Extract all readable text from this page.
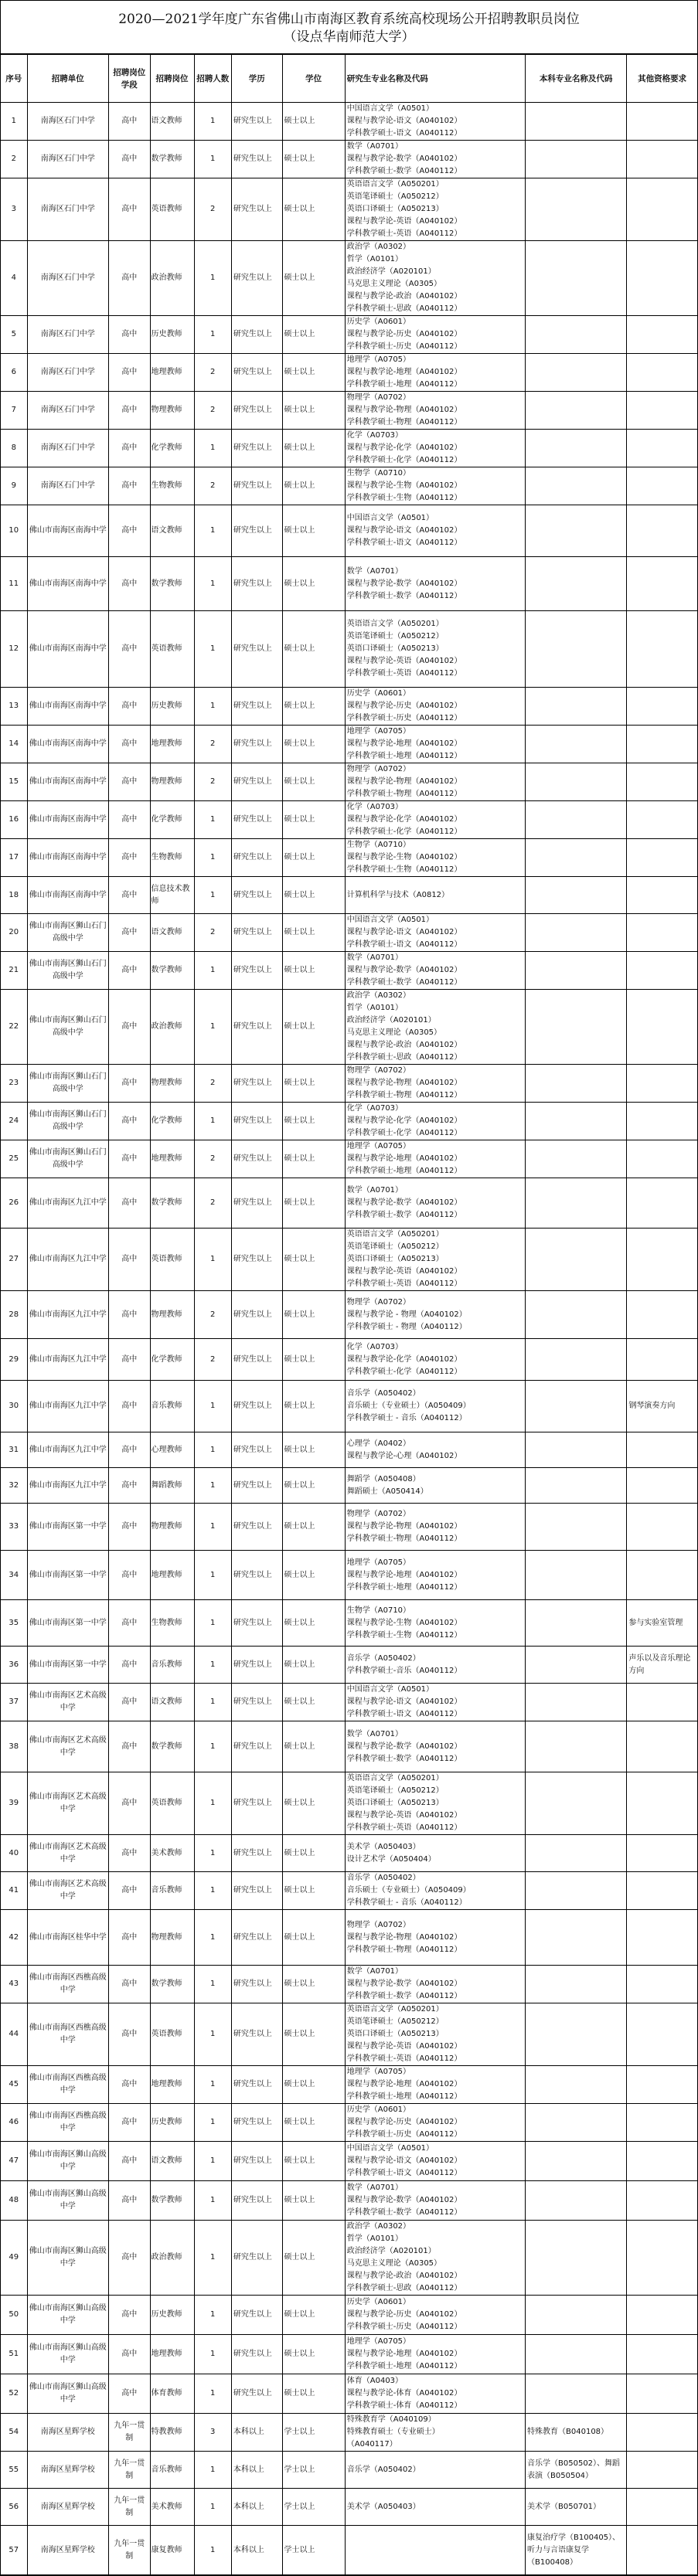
2020—2021学年度广东省佛山市南海区教育系统高校现场公开招聘教职员岗位
（设点华南师范大学）
序号	招聘单位	招聘岗位学段	招聘岗位	招聘人数	学历	学位	研究生专业名称及代码	本科专业名称及代码	其他资格要求
1	南海区石门中学	高中	语文教师	1	研究生以上	硕士以上	中国语言文学（A0501）
课程与教学论-语文（A040102）
学科教学硕士-语文（A040112）		

2	南海区石门中学	高中	数学教师	1	研究生以上	硕士以上	数学（A0701）
课程与教学论-数学（A040102）
学科教学硕士-数学（A040112）		

3	南海区石门中学	高中	英语教师	2	研究生以上	硕士以上	英语语言文学（A050201）
英语笔译硕士（A050212）
英语口译硕士（A050213）
课程与教学论-英语（A040102）
学科教学硕士-英语（A040112）		

4	南海区石门中学	高中	政治教师	1	研究生以上	硕士以上	
政治学（A0302）
哲学（A0101）
政治经济学（A020101）
马克思主义理论（A0305）
课程与教学论-政治（A040102）
学科教学硕士-思政（A040112）

5	南海区石门中学	高中	历史教师	1	研究生以上	硕士以上	历史学（A0601）
课程与教学论-历史（A040102）
学科教学硕士-历史（A040112）		

6	南海区石门中学	高中	地理教师	2	研究生以上	硕士以上	地理学（A0705）
课程与教学论-地理（A040102）
学科教学硕士-地理（A040112）		

7	南海区石门中学	高中	物理教师	2	研究生以上	硕士以上	物理学（A0702）
课程与教学论-物理（A040102）
学科教学硕士-物理（A040112）		

8	南海区石门中学	高中	化学教师	1	研究生以上	硕士以上	化学（A0703）
课程与教学论-化学（A040102）
学科教学硕士-化学（A040112）		

9	南海区石门中学	高中	生物教师	2	研究生以上	硕士以上	生物学（A0710）
课程与教学论-生物（A040102）
学科教学硕士-生物（A040112）		

10	佛山市南海区南海中学	高中	语文教师	1	研究生以上	硕士以上	中国语言文学（A0501）
课程与教学论-语文（A040102）
学科教学硕士-语文（A040112）		

11	佛山市南海区南海中学	高中	数学教师	1	研究生以上	硕士以上	数学（A0701）
课程与教学论-数学（A040102）
学科教学硕士-数学（A040112）		

12	佛山市南海区南海中学	高中	英语教师	1	研究生以上	硕士以上	英语语言文学（A050201）
英语笔译硕士（A050212）
英语口译硕士（A050213）
课程与教学论-英语（A040102）
学科教学硕士-英语（A040112）		

13	佛山市南海区南海中学	高中	历史教师	1	研究生以上	硕士以上	历史学（A0601）
课程与教学论-历史（A040102）
学科教学硕士-历史（A040112）		

14	佛山市南海区南海中学	高中	地理教师	2	研究生以上	硕士以上	地理学（A0705）
课程与教学论-地理（A040102）
学科教学硕士-地理（A040112）		

15	佛山市南海区南海中学	高中	物理教师	2	研究生以上	硕士以上	物理学（A0702）
课程与教学论-物理（A040102）
学科教学硕士-物理（A040112）		

16	佛山市南海区南海中学	高中	化学教师	1	研究生以上	硕士以上	化学（A0703）
课程与教学论-化学（A040102）
学科教学硕士-化学（A040112）		

17	佛山市南海区南海中学	高中	生物教师	1	研究生以上	硕士以上	生物学（A0710）
课程与教学论-生物（A040102）
学科教学硕士-生物（A040112）		

18	佛山市南海区南海中学	高中	信息技术教师	1	研究生以上	硕士以上	计算机科学与技术（A0812）		

20	佛山市南海区狮山石门高级中学	高中	语文教师	2	研究生以上	硕士以上	中国语言文学（A0501）
课程与教学论-语文（A040102）
学科教学硕士-语文（A040112）		

21	佛山市南海区狮山石门高级中学	高中	数学教师	1	研究生以上	硕士以上	数学（A0701）
课程与教学论-数学（A040102）
学科教学硕士-数学（A040112）		

22	佛山市南海区狮山石门高级中学	高中	政治教师	1	研究生以上	硕士以上	
政治学（A0302）
哲学（A0101）
政治经济学（A020101）
马克思主义理论（A0305）
课程与教学论-政治（A040102）
学科教学硕士-思政（A040112）

23	佛山市南海区狮山石门高级中学	高中	物理教师	2	研究生以上	硕士以上	物理学（A0702）
课程与教学论-物理（A040102）
学科教学硕士-物理（A040112）		

24	佛山市南海区狮山石门高级中学	高中	化学教师	1	研究生以上	硕士以上	化学（A0703）
课程与教学论-化学（A040102）
学科教学硕士-化学（A040112）		

25	佛山市南海区狮山石门高级中学	高中	地理教师	2	研究生以上	硕士以上	地理学（A0705）
课程与教学论-地理（A040102）
学科教学硕士-地理（A040112）		

26	佛山市南海区九江中学	高中	数学教师	2	研究生以上	硕士以上	数学（A0701）
课程与教学论-数学（A040102）
学科教学硕士-数学（A040112）		

27	佛山市南海区九江中学	高中	英语教师	1	研究生以上	硕士以上	英语语言文学（A050201）
英语笔译硕士（A050212）
英语口译硕士（A050213）
课程与教学论-英语（A040102）
学科教学硕士-英语（A040112）		

28	佛山市南海区九江中学	高中	物理教师	2	研究生以上	硕士以上	物理学（A0702）
课程与教学论 - 物理（A040102）
学科教学硕士 - 物理（A040112）		

29	佛山市南海区九江中学	高中	化学教师	2	研究生以上	硕士以上	化学（A0703）
课程与教学论-化学（A040102）
学科教学硕士-化学（A040112）		

30	佛山市南海区九江中学	高中	音乐教师	1	研究生以上	硕士以上	音乐学（A050402）
音乐硕士（专业硕士）（A050409）
学科教学硕士 - 音乐（A040112）		钢琴演奏方向
31	佛山市南海区九江中学	高中	心理教师	1	研究生以上	硕士以上	心理学（A0402）
课程与教学论-心理（A040102）		

32	佛山市南海区九江中学	高中	舞蹈教师	1	研究生以上	硕士以上	舞蹈学（A050408）
舞蹈硕士（A050414）		

33	佛山市南海区第一中学	高中	物理教师	1	研究生以上	硕士以上	物理学（A0702）
课程与教学论-物理（A040102）
学科教学硕士-物理（A040112）		

34	佛山市南海区第一中学	高中	地理教师	1	研究生以上	硕士以上	地理学（A0705）
课程与教学论-地理（A040102）
学科教学硕士-地理（A040112）		

35	佛山市南海区第一中学	高中	生物教师	1	研究生以上	硕士以上	生物学（A0710）
课程与教学论-生物（A040102）
学科教学硕士-生物（A040112）		参与实验室管理
36	佛山市南海区第一中学	高中	音乐教师	1	研究生以上	硕士以上	音乐学（A050402）
学科教学硕士-音乐（A040112）		声乐以及音乐理论方向
37	佛山市南海区艺术高级中学	高中	语文教师	1	研究生以上	硕士以上	中国语言文学（A0501）
课程与教学论-语文（A040102）
学科教学硕士-语文（A040112）		

38	佛山市南海区艺术高级中学	高中	数学教师	1	研究生以上	硕士以上	数学（A0701）
课程与教学论-数学（A040102）
学科教学硕士-数学（A040112）		

39	佛山市南海区艺术高级中学	高中	英语教师	1	研究生以上	硕士以上	英语语言文学（A050201）
英语笔译硕士（A050212）
英语口译硕士（A050213）
课程与教学论-英语（A040102）
学科教学硕士-英语（A040112）		

40	佛山市南海区艺术高级中学	高中	美术教师	1	研究生以上	硕士以上	美术学（A050403）
设计艺术学（A050404）		

41	佛山市南海区艺术高级中学	高中	音乐教师	1	研究生以上	硕士以上	音乐学（A050402）
音乐硕士（专业硕士）（A050409）
学科教学硕士 - 音乐（A040112）		

42	佛山市南海区桂华中学	高中	物理教师	1	研究生以上	硕士以上	物理学（A0702）
课程与教学论-物理（A040102）
学科教学硕士-物理（A040112）		

43	佛山市南海区西樵高级中学	高中	数学教师	1	研究生以上	硕士以上	数学（A0701）
课程与教学论-数学（A040102）
学科教学硕士-数学（A040112）		

44	佛山市南海区西樵高级中学	高中	英语教师	1	研究生以上	硕士以上	英语语言文学（A050201）
英语笔译硕士（A050212）
英语口译硕士（A050213）
课程与教学论-英语（A040102）
学科教学硕士-英语（A040112）		

45	佛山市南海区西樵高级中学	高中	地理教师	1	研究生以上	硕士以上	地理学（A0705）
课程与教学论-地理（A040102）
学科教学硕士-地理（A040112）		

46	佛山市南海区西樵高级中学	高中	历史教师	1	研究生以上	硕士以上	历史学（A0601）
课程与教学论-历史（A040102）
学科教学硕士-历史（A040112）		

47	佛山市南海区狮山高级中学	高中	语文教师	1	研究生以上	硕士以上	中国语言文学（A0501）
课程与教学论-语文（A040102）
学科教学硕士-语文（A040112）		

48	佛山市南海区狮山高级中学	高中	数学教师	1	研究生以上	硕士以上	数学（A0701）
课程与教学论-数学（A040102）
学科教学硕士-数学（A040112）		

49	佛山市南海区狮山高级中学	高中	政治教师	1	研究生以上	硕士以上	
政治学（A0302）
哲学（A0101）
政治经济学（A020101）
马克思主义理论（A0305）
课程与教学论-政治（A040102）
学科教学硕士-思政（A040112）

50	佛山市南海区狮山高级中学	高中	历史教师	1	研究生以上	硕士以上	历史学（A0601）
课程与教学论-历史（A040102）
学科教学硕士-历史（A040112）		

51	佛山市南海区狮山高级中学	高中	地理教师	1	研究生以上	硕士以上	地理学（A0705）
课程与教学论-地理（A040102）
学科教学硕士-地理（A040112）		

52	佛山市南海区狮山高级中学	高中	体育教师	1	研究生以上	硕士以上	体育（A0403）
课程与教学论-体育（A040102）
学科教学硕士-体育（A040112）		

54	南海区星辉学校	九年一贯制	特教教师	3	本科以上	学士以上	特殊教育学（A040109）
特殊教育硕士（专业硕士）
（A040117）	特殊教育（B040108）	
55	南海区星辉学校	九年一贯制	音乐教师	1	本科以上	学士以上	音乐学（A050402）	音乐学（B050502）、舞蹈表演（B050504）	
56	南海区星辉学校	九年一贯制	美术教师	1	本科以上	学士以上	美术学（A050403）	美术学（B050701）	
57	南海区星辉学校	九年一贯制	康复教师	1	本科以上	学士以上		康复治疗学（B100405）、听力与言语康复学（B100408）	
